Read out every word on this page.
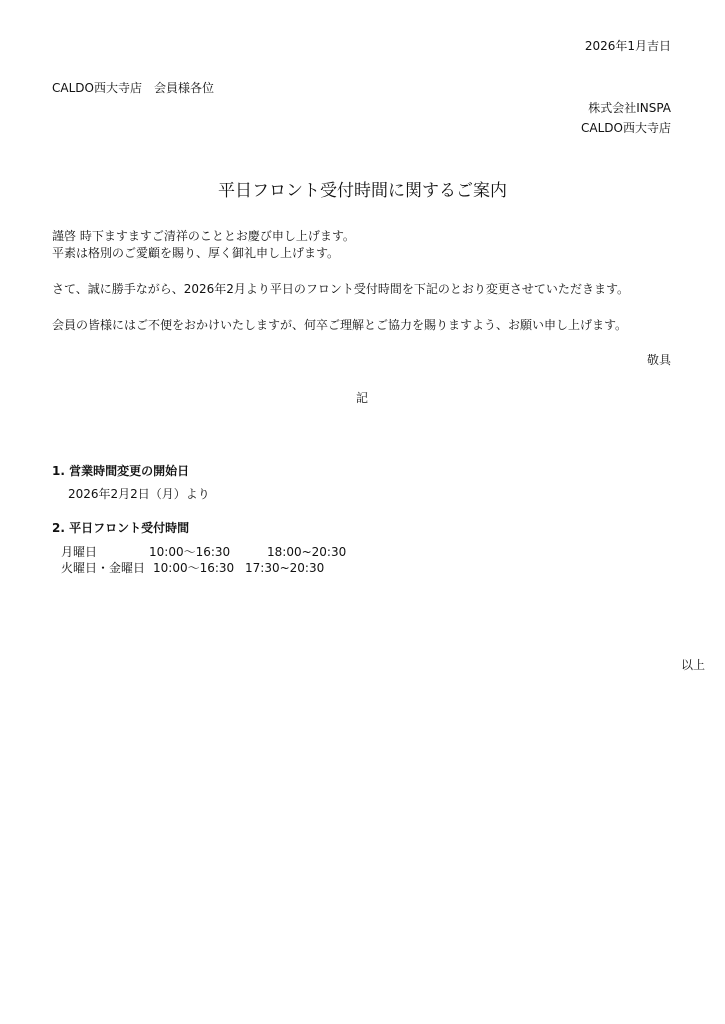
2026年1月吉日
CALDO西大寺店　会員様各位
株式会社INSPA
CALDO西大寺店
平日フロント受付時間に関するご案内
謹啓 時下ますますご清祥のこととお慶び申し上げます。
平素は格別のご愛顧を賜り、厚く御礼申し上げます。
さて、誠に勝手ながら、2026年2月より平日のフロント受付時間を下記のとおり変更させていただきます。
会員の皆様にはご不便をおかけいたしますが、何卒ご理解とご協力を賜りますよう、お願い申し上げます。
敬具
記
1. 営業時間変更の開始日
2026年2月2日（月）より
2. 平日フロント受付時間
月曜日	10:00～16:30	18:00~20:30
火曜日・金曜日 10:00～16:30 17:30~20:30
以上
